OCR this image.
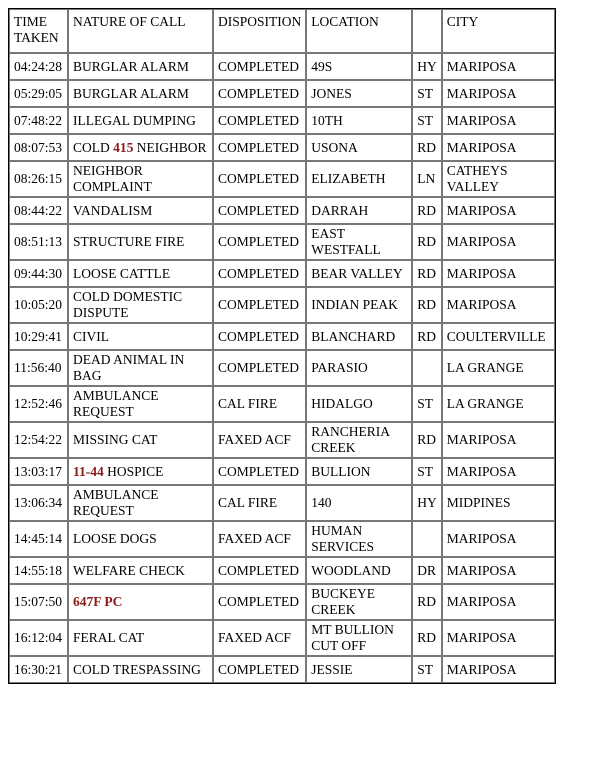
TIME TAKEN	NATURE OF CALL	DISPOSITION	LOCATION		CITY
04:24:28	BURGLAR ALARM	COMPLETED	49S	HY	MARIPOSA
05:29:05	BURGLAR ALARM	COMPLETED	JONES	ST	MARIPOSA
07:48:22	ILLEGAL DUMPING	COMPLETED	10TH	ST	MARIPOSA
08:07:53	COLD 415 NEIGHBOR	COMPLETED	USONA	RD	MARIPOSA
08:26:15	NEIGHBOR COMPLAINT	COMPLETED	ELIZABETH	LN	CATHEYS VALLEY
08:44:22	VANDALISM	COMPLETED	DARRAH	RD	MARIPOSA
08:51:13	STRUCTURE FIRE	COMPLETED	EAST WESTFALL	RD	MARIPOSA
09:44:30	LOOSE CATTLE	COMPLETED	BEAR VALLEY	RD	MARIPOSA
10:05:20	COLD DOMESTIC DISPUTE	COMPLETED	INDIAN PEAK	RD	MARIPOSA
10:29:41	CIVIL	COMPLETED	BLANCHARD	RD	COULTERVILLE
11:56:40	DEAD ANIMAL IN BAG	COMPLETED	PARASIO		LA GRANGE
12:52:46	AMBULANCE REQUEST	CAL FIRE	HIDALGO	ST	LA GRANGE
12:54:22	MISSING CAT	FAXED ACF	RANCHERIA CREEK	RD	MARIPOSA
13:03:17	11-44 HOSPICE	COMPLETED	BULLION	ST	MARIPOSA
13:06:34	AMBULANCE REQUEST	CAL FIRE	140	HY	MIDPINES
14:45:14	LOOSE DOGS	FAXED ACF	HUMAN SERVICES		MARIPOSA
14:55:18	WELFARE CHECK	COMPLETED	WOODLAND	DR	MARIPOSA
15:07:50	647F PC	COMPLETED	BUCKEYE CREEK	RD	MARIPOSA
16:12:04	FERAL CAT	FAXED ACF	MT BULLION CUT OFF	RD	MARIPOSA
16:30:21	COLD TRESPASSING	COMPLETED	JESSIE	ST	MARIPOSA
